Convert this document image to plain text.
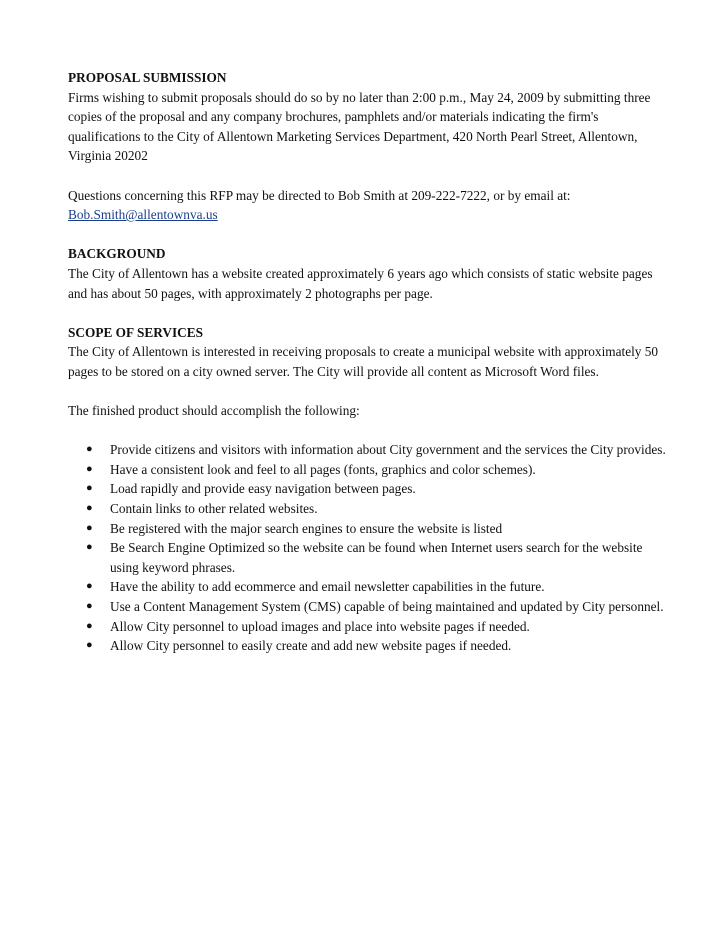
PROPOSAL SUBMISSION

Firms wishing to submit proposals should do so by no later than 2:00 p.m., May 24, 2009 by submitting three copies of the proposal and any company brochures, pamphlets and/or materials indicating the firm's qualifications to the City of Allentown Marketing Services Department, 420 North Pearl Street, Allentown, Virginia 20202

Questions concerning this RFP may be directed to Bob Smith at 209-222-7222, or by email at:

Bob.Smith@allentownva.us
BACKGROUND

The City of Allentown has a website created approximately 6 years ago which consists of static website pages and has about 50 pages, with approximately 2 photographs per page.

SCOPE OF SERVICES

The City of Allentown is interested in receiving proposals to create a municipal website with approximately 50 pages to be stored on a city owned server. The City will provide all content as Microsoft Word files.

The finished product should accomplish the following:

● Provide citizens and visitors with information about City government and the services the City provides.
● Have a consistent look and feel to all pages (fonts, graphics and color schemes).
● Load rapidly and provide easy navigation between pages.
● Contain links to other related websites.
● Be registered with the major search engines to ensure the website is listed
● Be Search Engine Optimized so the website can be found when Internet users search for the website using keyword phrases.
● Have the ability to add ecommerce and email newsletter capabilities in the future.
● Use a Content Management System (CMS) capable of being maintained and updated by City personnel.
● Allow City personnel to upload images and place into website pages if needed.
● Allow City personnel to easily create and add new website pages if needed.
